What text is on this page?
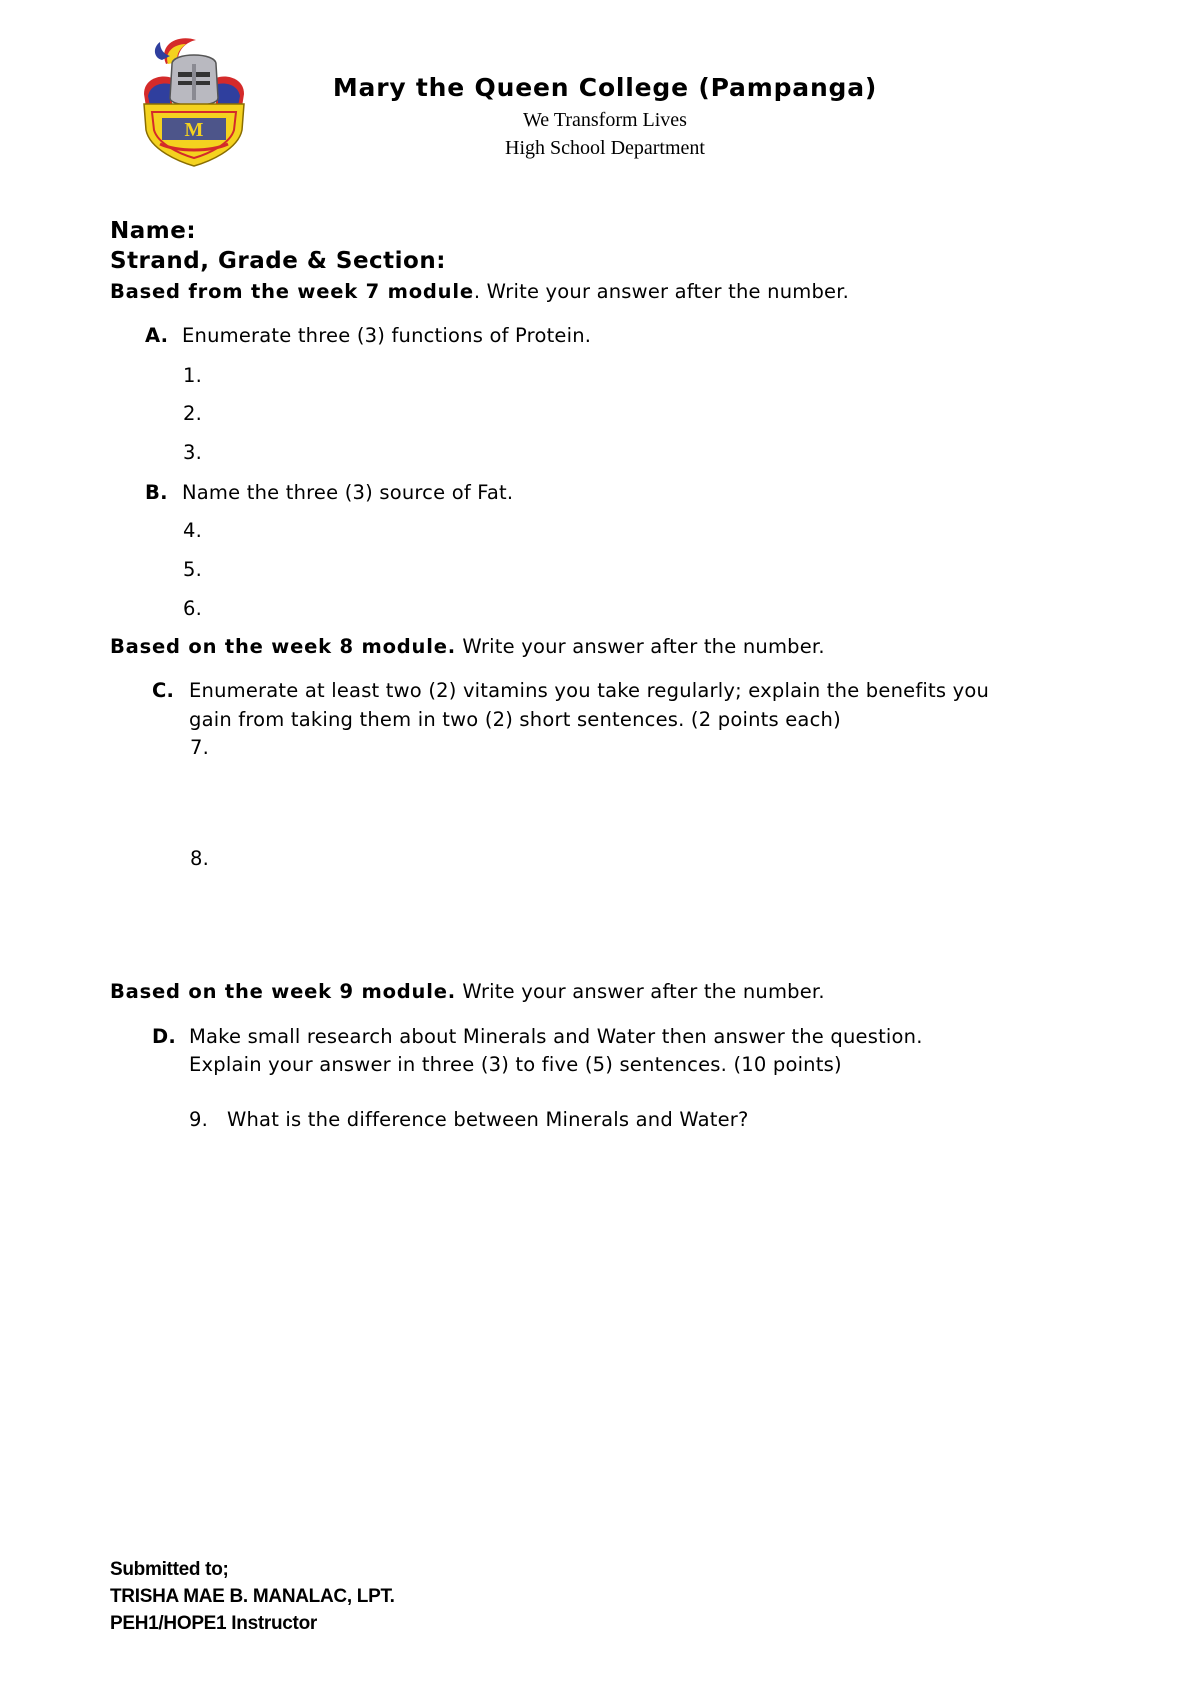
M

Mary the Queen College (Pampanga)

We Transform Lives

High School Department

Name:
Strand, Grade & Section:
Based from the week 7 module. Write your answer after the number.
A. Enumerate three (3) functions of Protein.
1.
2.
3.
B. Name the three (3) source of Fat.
4.
5.
6.
Based on the week 8 module. Write your answer after the number.
C. Enumerate at least two (2) vitamins you take regularly; explain the benefits you
gain from taking them in two (2) short sentences. (2 points each)
7.
8.
Based on the week 9 module. Write your answer after the number.
D. Make small research about Minerals and Water then answer the question.
Explain your answer in three (3) to five (5) sentences. (10 points)
9. What is the difference between Minerals and Water?
Submitted to;
TRISHA MAE B. MANALAC, LPT.
PEH1/HOPE1 Instructor
